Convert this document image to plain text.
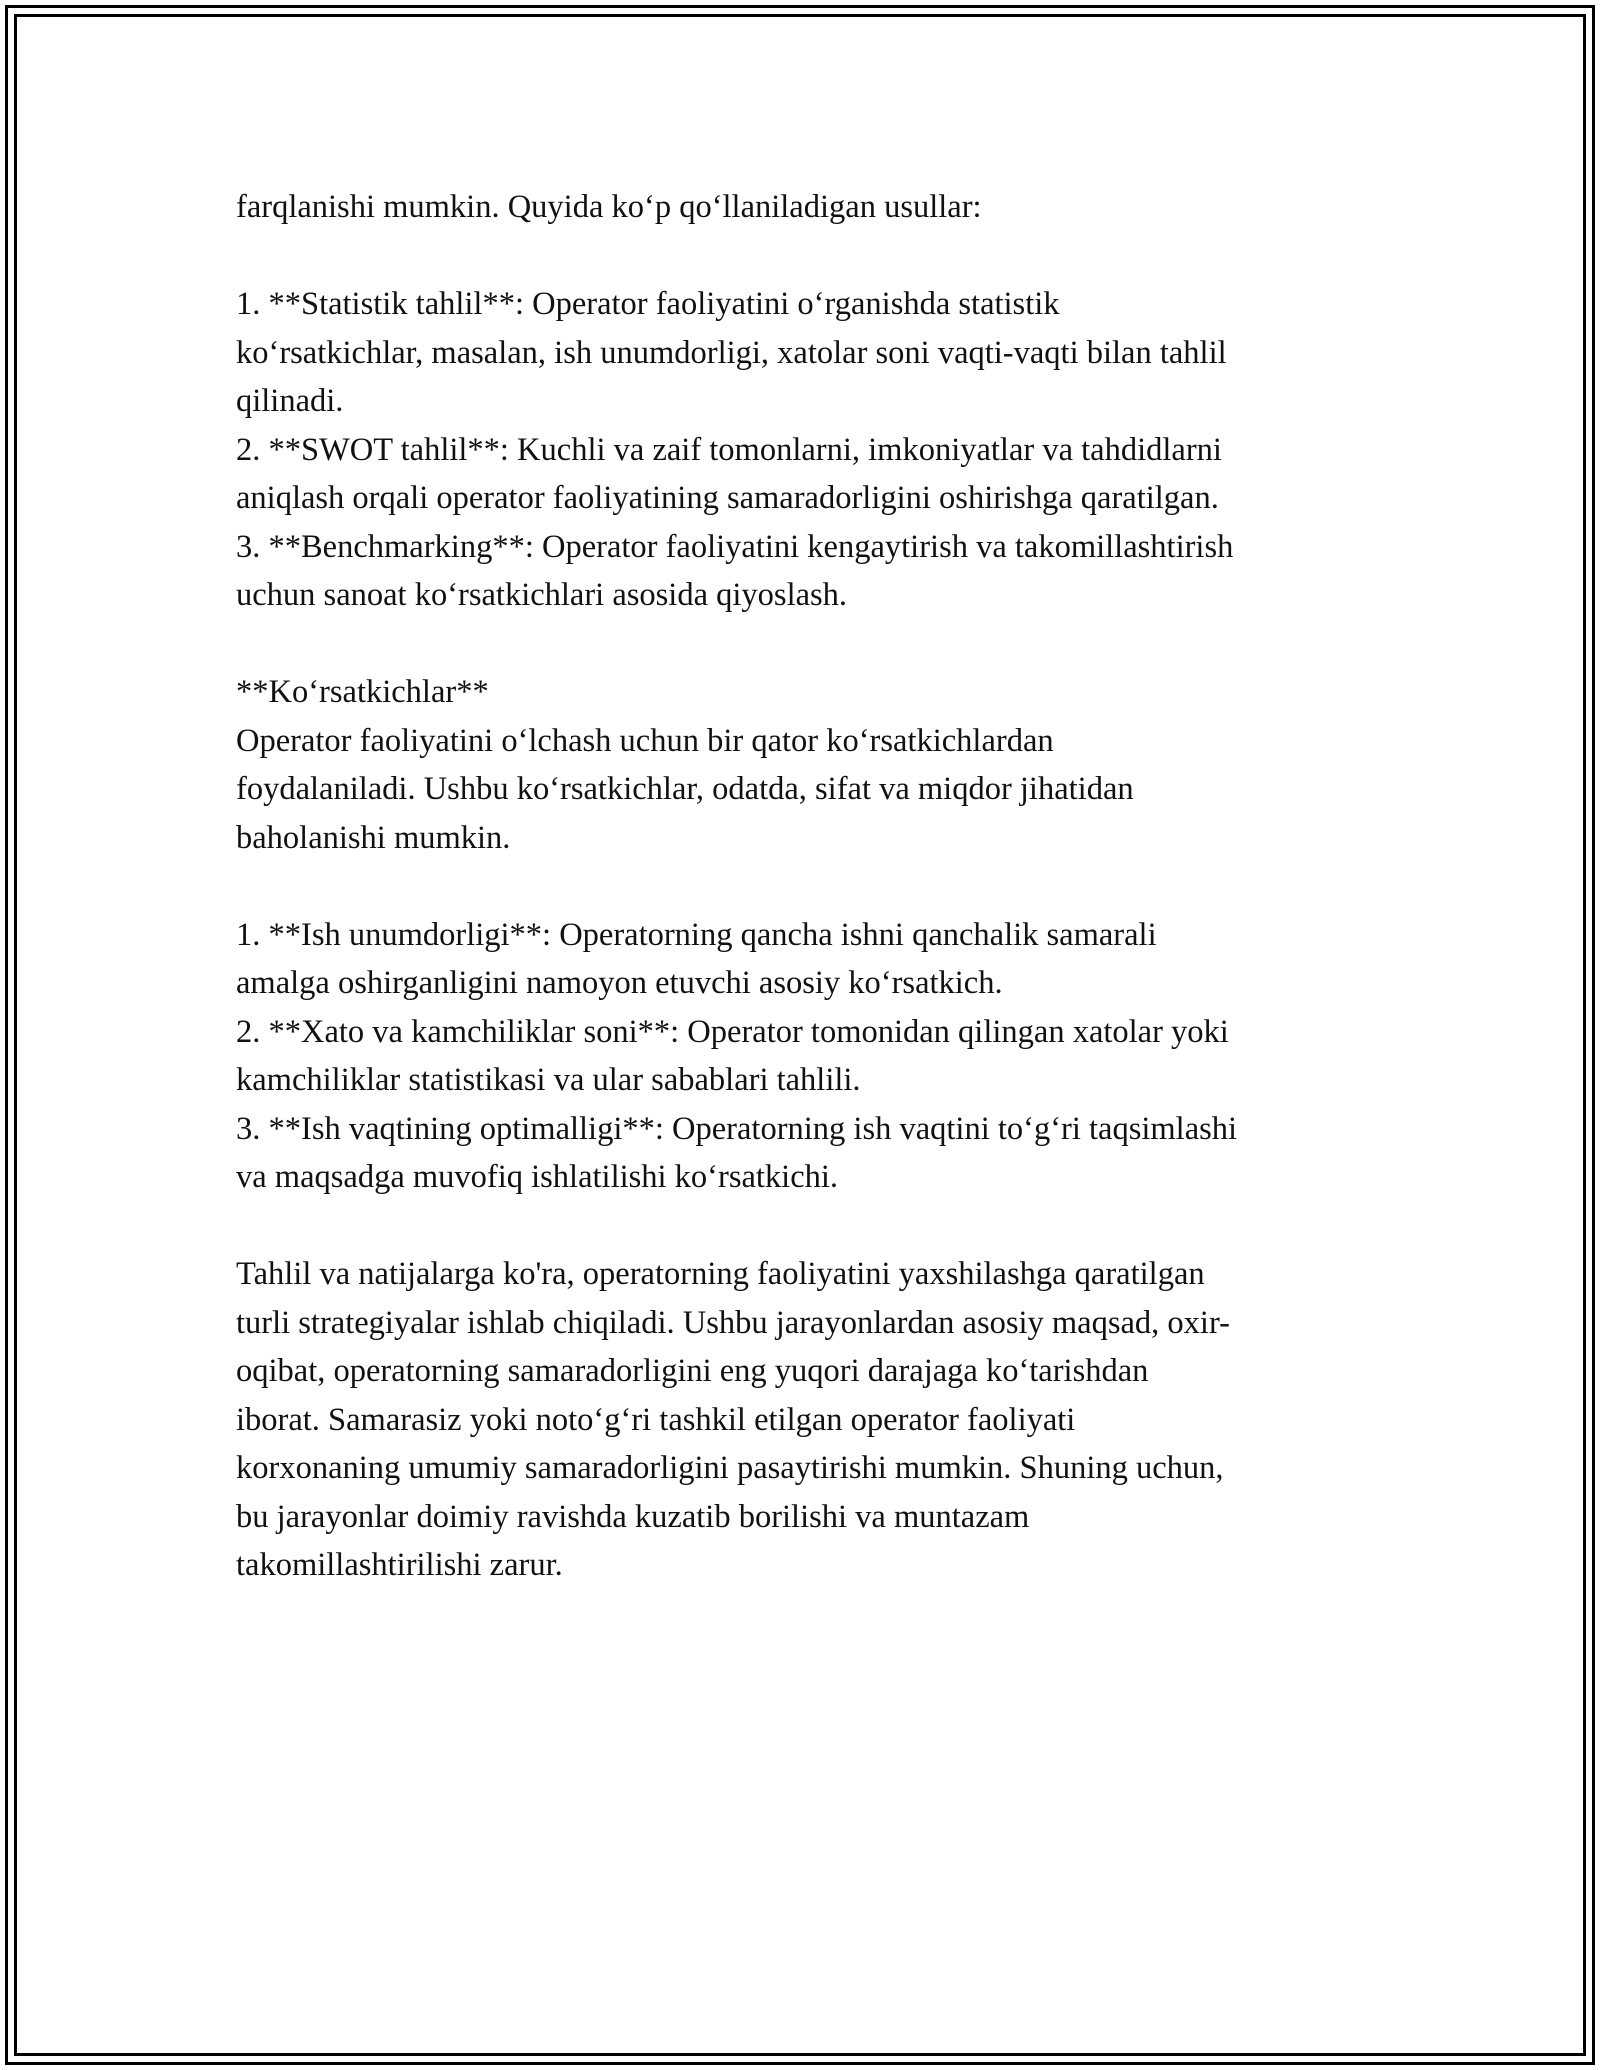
farqlanishi mumkin. Quyida ko‘p qo‘llaniladigan usullar:
1. **Statistik tahlil**: Operator faoliyatini o‘rganishda statistik
ko‘rsatkichlar, masalan, ish unumdorligi, xatolar soni vaqti-vaqti bilan tahlil
qilinadi.
2. **SWOT tahlil**: Kuchli va zaif tomonlarni, imkoniyatlar va tahdidlarni
aniqlash orqali operator faoliyatining samaradorligini oshirishga qaratilgan.
3. **Benchmarking**: Operator faoliyatini kengaytirish va takomillashtirish
uchun sanoat ko‘rsatkichlari asosida qiyoslash.
**Ko‘rsatkichlar**
Operator faoliyatini o‘lchash uchun bir qator ko‘rsatkichlardan
foydalaniladi. Ushbu ko‘rsatkichlar, odatda, sifat va miqdor jihatidan
baholanishi mumkin.
1. **Ish unumdorligi**: Operatorning qancha ishni qanchalik samarali
amalga oshirganligini namoyon etuvchi asosiy ko‘rsatkich.
2. **Xato va kamchiliklar soni**: Operator tomonidan qilingan xatolar yoki
kamchiliklar statistikasi va ular sabablari tahlili.
3. **Ish vaqtining optimalligi**: Operatorning ish vaqtini to‘g‘ri taqsimlashi
va maqsadga muvofiq ishlatilishi ko‘rsatkichi.
Tahlil va natijalarga ko'ra, operatorning faoliyatini yaxshilashga qaratilgan
turli strategiyalar ishlab chiqiladi. Ushbu jarayonlardan asosiy maqsad, oxir-
oqibat, operatorning samaradorligini eng yuqori darajaga ko‘tarishdan
iborat. Samarasiz yoki noto‘g‘ri tashkil etilgan operator faoliyati
korxonaning umumiy samaradorligini pasaytirishi mumkin. Shuning uchun,
bu jarayonlar doimiy ravishda kuzatib borilishi va muntazam
takomillashtirilishi zarur.
